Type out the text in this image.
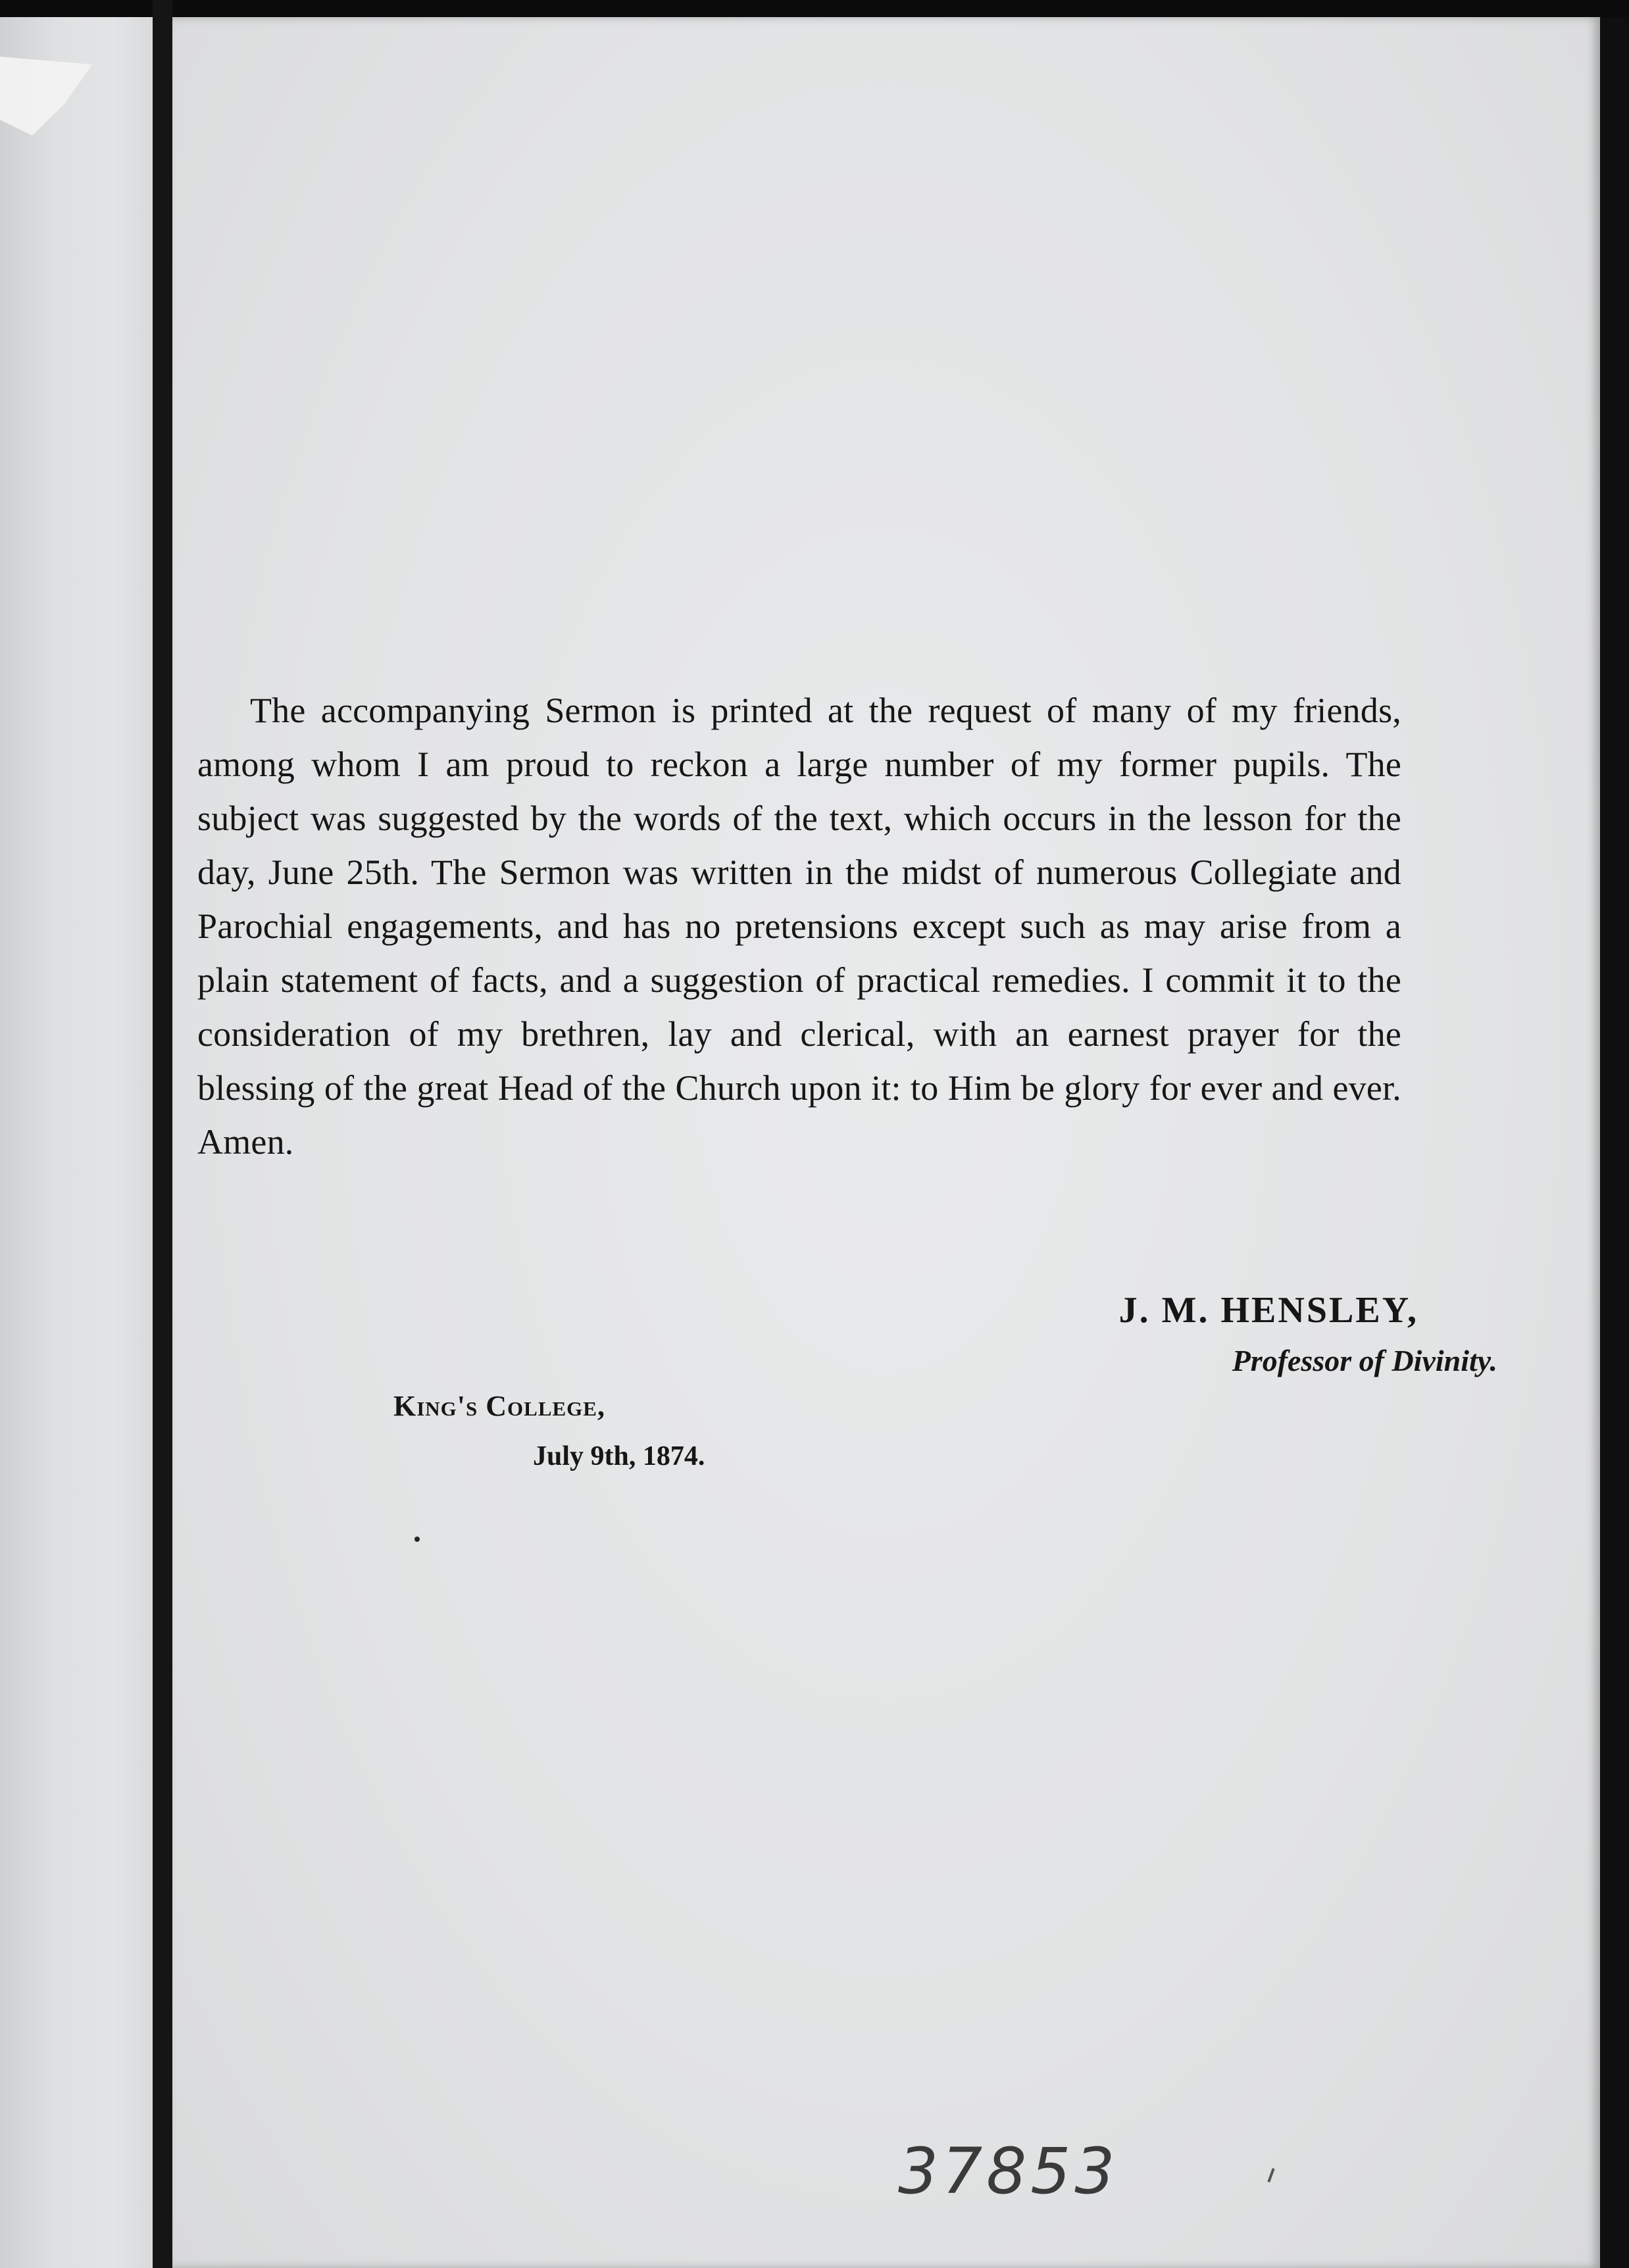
The accompanying Sermon is printed at the request of many of my friends, among whom I am proud to reckon a large number of my former pupils. The subject was suggested by the words of the text, which occurs in the lesson for the day, June 25th. The Sermon was written in the midst of numerous Collegiate and Parochial engagements, and has no pretensions except such as may arise from a plain statement of facts, and a suggestion of practical remedies. I commit it to the consideration of my brethren, lay and clerical, with an earnest prayer for the blessing of the great Head of the Church upon it: to Him be glory for ever and ever. Amen.

J. M. HENSLEY,
Professor of Divinity.
King's College,
July 9th, 1874.
37853
